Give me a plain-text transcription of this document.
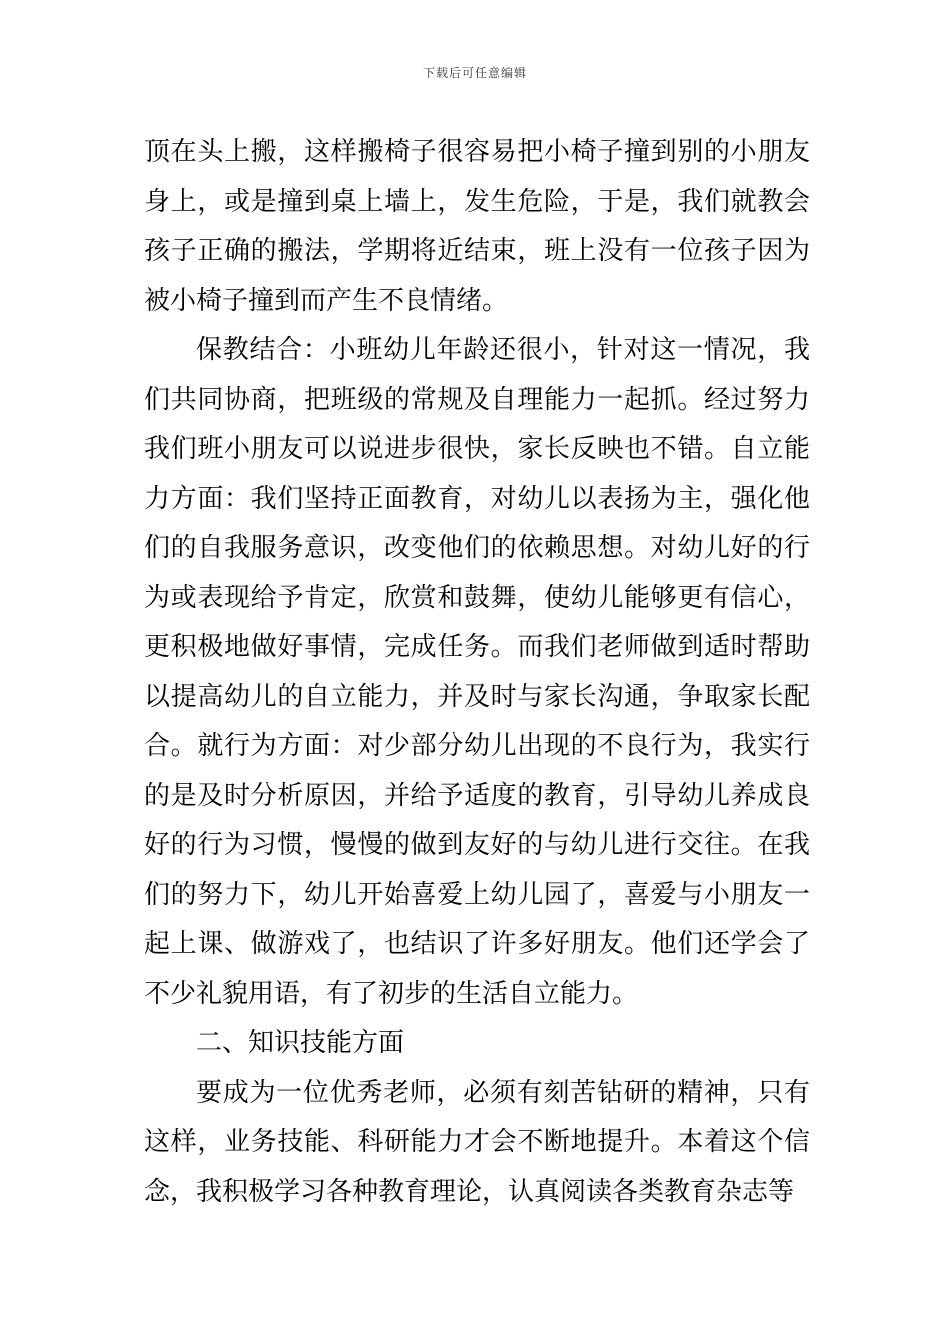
下载后可任意编辑

顶在头上搬，这样搬椅子很容易把小椅子撞到别的小朋友身上，或是撞到桌上墙上，发生危险，于是，我们就教会孩子正确的搬法，学期将近结束，班上没有一位孩子因为被小椅子撞到而产生不良情绪。

保教结合：小班幼儿年龄还很小，针对这一情况，我们共同协商，把班级的常规及自理能力一起抓。经过努力我们班小朋友可以说进步很快，家长反映也不错。自立能力方面：我们坚持正面教育，对幼儿以表扬为主，强化他们的自我服务意识，改变他们的依赖思想。对幼儿好的行为或表现给予肯定，欣赏和鼓舞，使幼儿能够更有信心，更积极地做好事情，完成任务。而我们老师做到适时帮助以提高幼儿的自立能力，并及时与家长沟通，争取家长配合。就行为方面：对少部分幼儿出现的不良行为，我实行的是及时分析原因，并给予适度的教育，引导幼儿养成良好的行为习惯，慢慢的做到友好的与幼儿进行交往。在我们的努力下，幼儿开始喜爱上幼儿园了，喜爱与小朋友一起上课、做游戏了，也结识了许多好朋友。他们还学会了不少礼貌用语，有了初步的生活自立能力。

二、知识技能方面

要成为一位优秀老师，必须有刻苦钻研的精神，只有这样，业务技能、科研能力才会不断地提升。本着这个信念，我积极学习各种教育理论，认真阅读各类教育杂志等
